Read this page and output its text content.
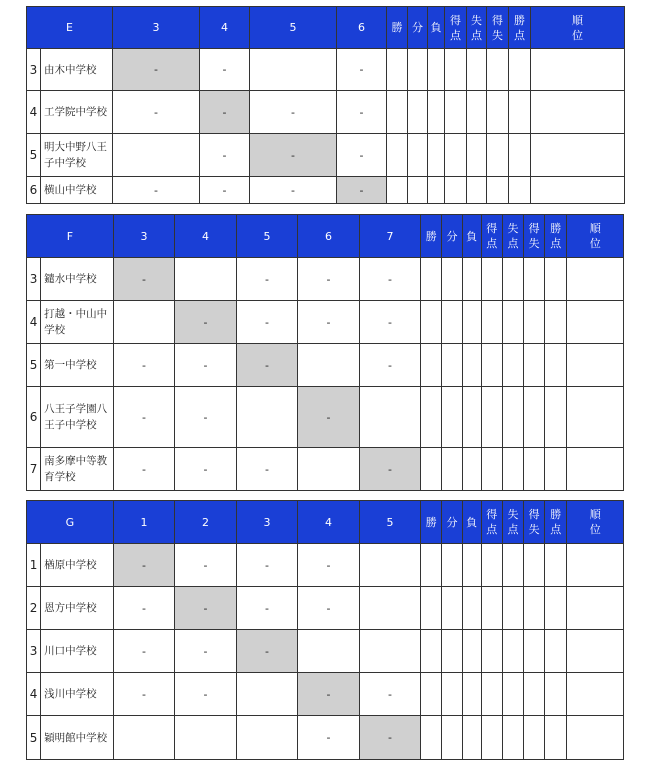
E		3	4	5	6	勝	分	負	得点	失点	得失	勝点	順位
3	由木中学校	-	-		-								
4	工学院中学校	-	-	-	-								
5	明大中野八王子中学校		-	-	-								
6	横山中学校	-	-	-	-								
F		3	4	5	6	7	勝	分	負	得点	失点	得失	勝点	順位
3	鑓水中学校	-		-	-	-								
4	打越・中山中学校		-	-	-	-								
5	第一中学校	-	-	-		-								
6	八王子学園八王子中学校	-	-		-									
7	南多摩中等教育学校	-	-	-		-								
G		1	2	3	4	5	勝	分	負	得点	失点	得失	勝点	順位
1	楢原中学校	-	-	-	-									
2	恩方中学校	-	-	-	-									
3	川口中学校	-	-	-										
4	浅川中学校	-	-		-	-								
5	穎明館中学校				-	-								
